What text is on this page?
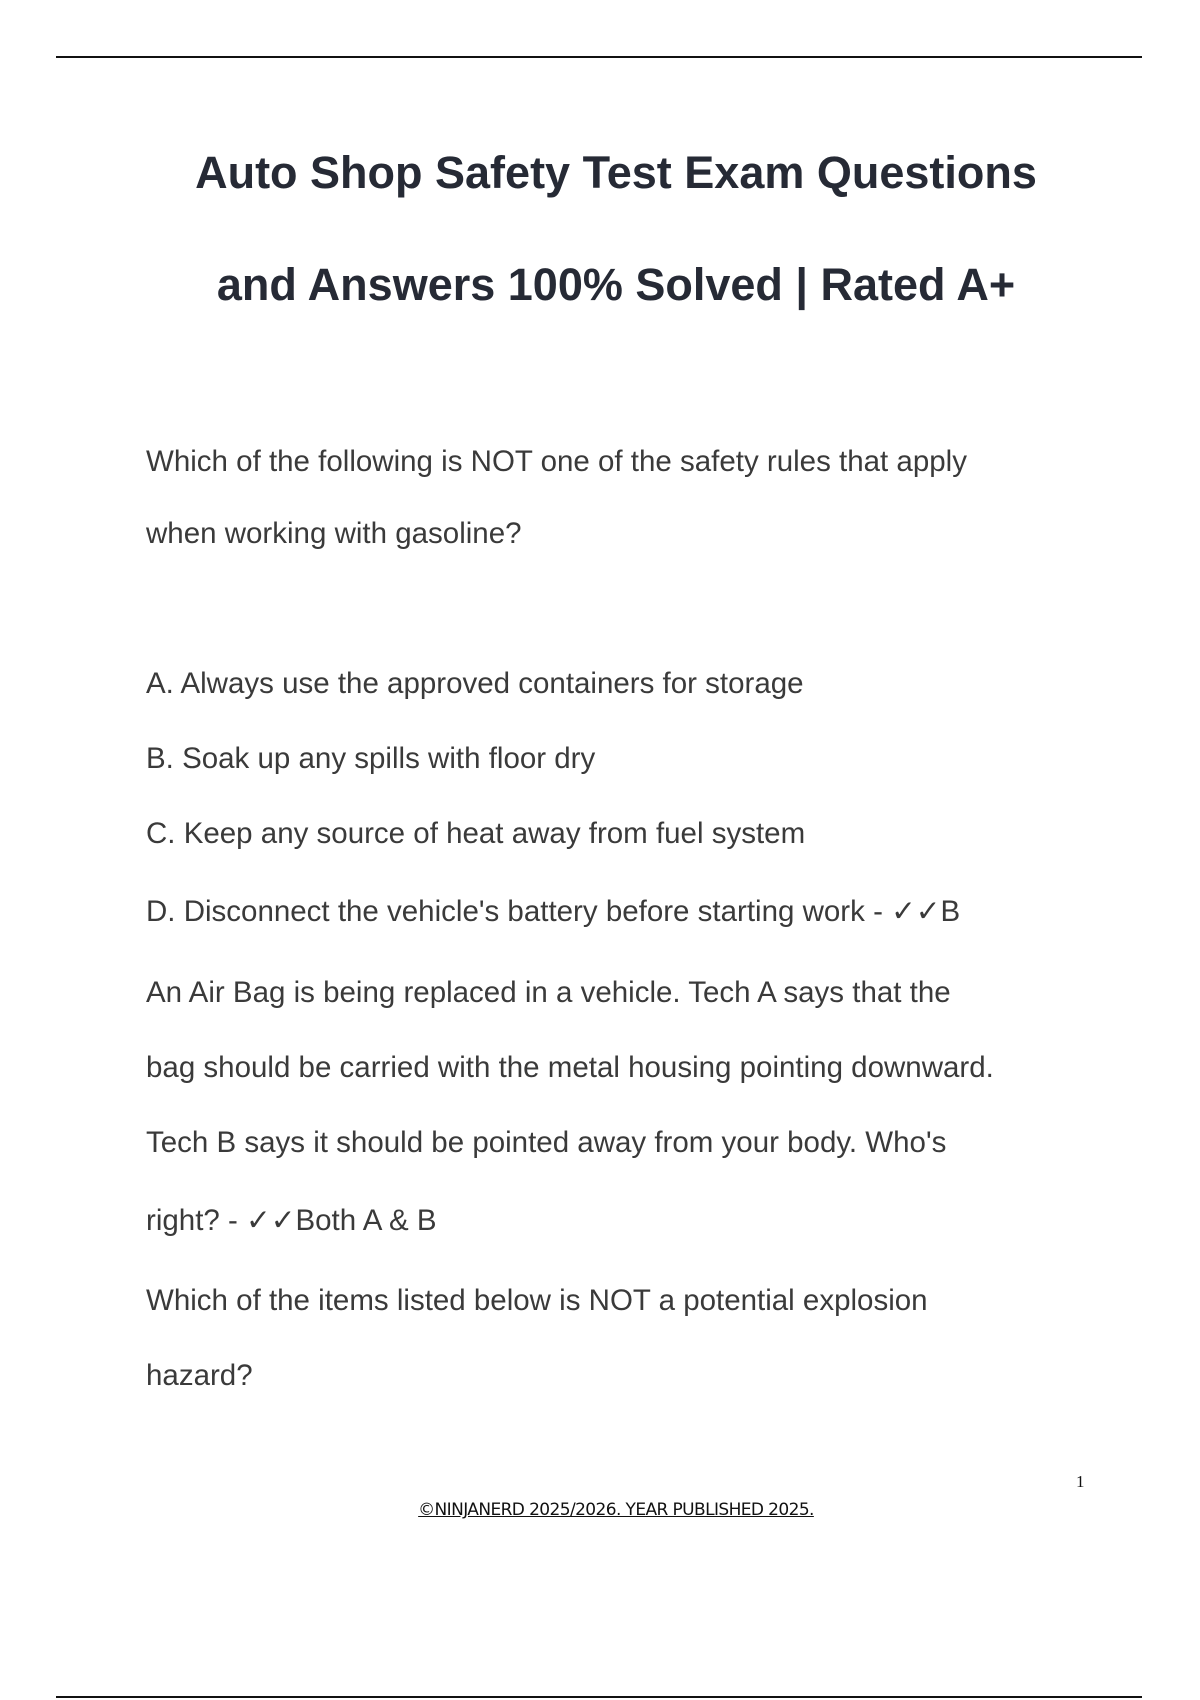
Auto Shop Safety Test Exam Questions
and Answers 100% Solved | Rated A+
Which of the following is NOT one of the safety rules that apply
when working with gasoline?
A. Always use the approved containers for storage
B. Soak up any spills with floor dry
C. Keep any source of heat away from fuel system
D. Disconnect the vehicle's battery before starting work - ✓✓B
An Air Bag is being replaced in a vehicle. Tech A says that the
bag should be carried with the metal housing pointing downward.
Tech B says it should be pointed away from your body. Who's
right? - ✓✓Both A & B
Which of the items listed below is NOT a potential explosion
hazard?
1
©NINJANERD 2025/2026. YEAR PUBLISHED 2025.
